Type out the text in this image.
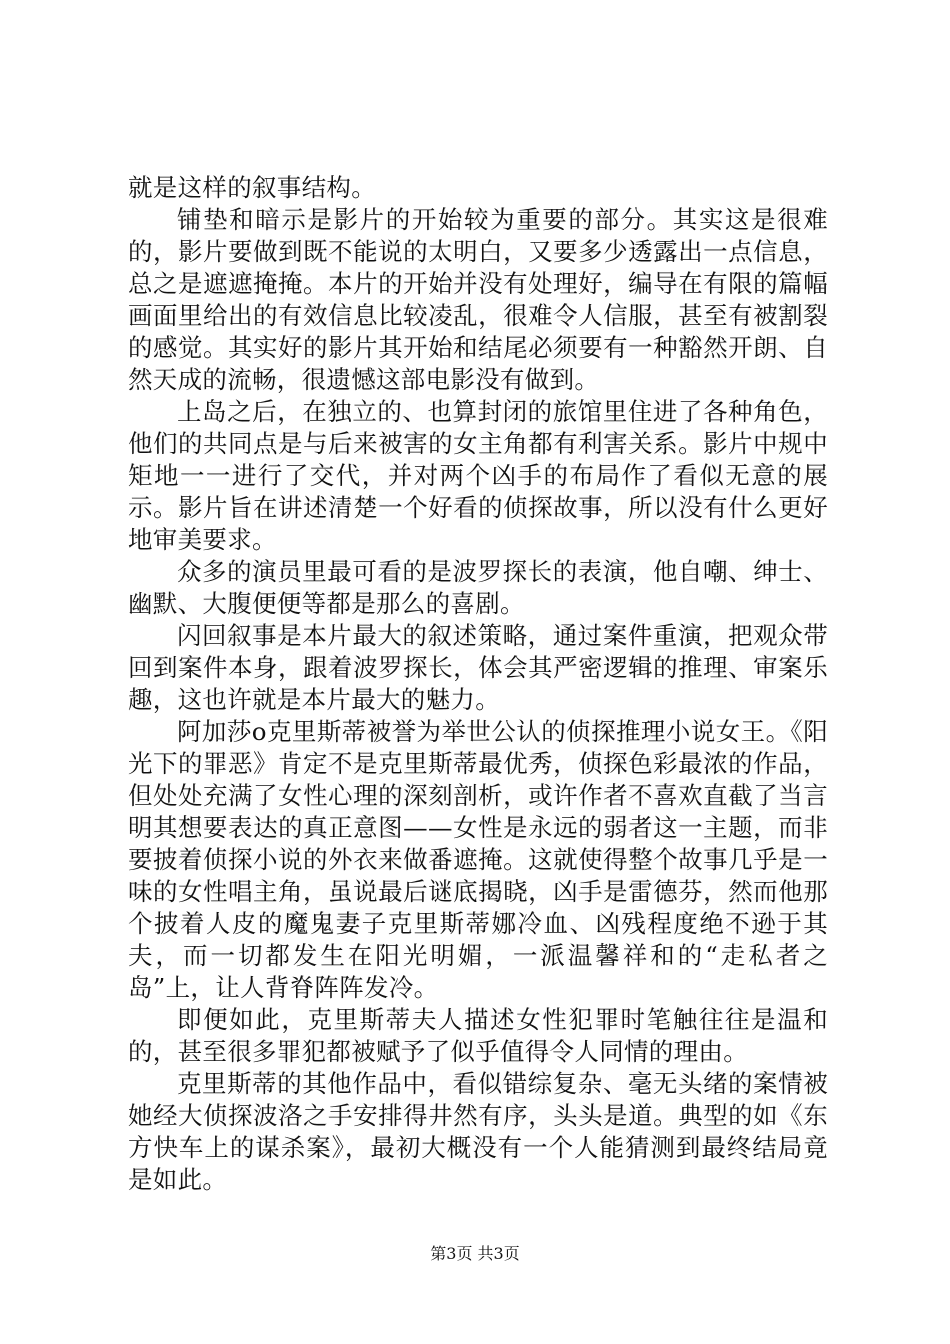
就是这样的叙事结构。

铺垫和暗示是影片的开始较为重要的部分。其实这是很难的，影片要做到既不能说的太明白，又要多少透露出一点信息，总之是遮遮掩掩。本片的开始并没有处理好，编导在有限的篇幅画面里给出的有效信息比较凌乱，很难令人信服，甚至有被割裂的感觉。其实好的影片其开始和结尾必须要有一种豁然开朗、自然天成的流畅，很遗憾这部电影没有做到。

上岛之后，在独立的、也算封闭的旅馆里住进了各种角色，他们的共同点是与后来被害的女主角都有利害关系。影片中规中矩地一一进行了交代，并对两个凶手的布局作了看似无意的展示。影片旨在讲述清楚一个好看的侦探故事，所以没有什么更好地审美要求。

众多的演员里最可看的是波罗探长的表演，他自嘲、绅士、幽默、大腹便便等都是那么的喜剧。

闪回叙事是本片最大的叙述策略，通过案件重演，把观众带回到案件本身，跟着波罗探长，体会其严密逻辑的推理、审案乐趣，这也许就是本片最大的魅力。

阿加莎o克里斯蒂被誉为举世公认的侦探推理小说女王。《阳光下的罪恶》肯定不是克里斯蒂最优秀，侦探色彩最浓的作品，但处处充满了女性心理的深刻剖析，或许作者不喜欢直截了当言明其想要表达的真正意图——女性是永远的弱者这一主题，而非要披着侦探小说的外衣来做番遮掩。这就使得整个故事几乎是一味的女性唱主角，虽说最后谜底揭晓，凶手是雷德芬，然而他那个披着人皮的魔鬼妻子克里斯蒂娜冷血、凶残程度绝不逊于其夫，而一切都发生在阳光明媚，一派温馨祥和的“走私者之岛”上，让人背脊阵阵发冷。

即便如此，克里斯蒂夫人描述女性犯罪时笔触往往是温和的，甚至很多罪犯都被赋予了似乎值得令人同情的理由。

克里斯蒂的其他作品中，看似错综复杂、毫无头绪的案情被她经大侦探波洛之手安排得井然有序，头头是道。典型的如《东方快车上的谋杀案》，最初大概没有一个人能猜测到最终结局竟是如此。

第3页 共3页
